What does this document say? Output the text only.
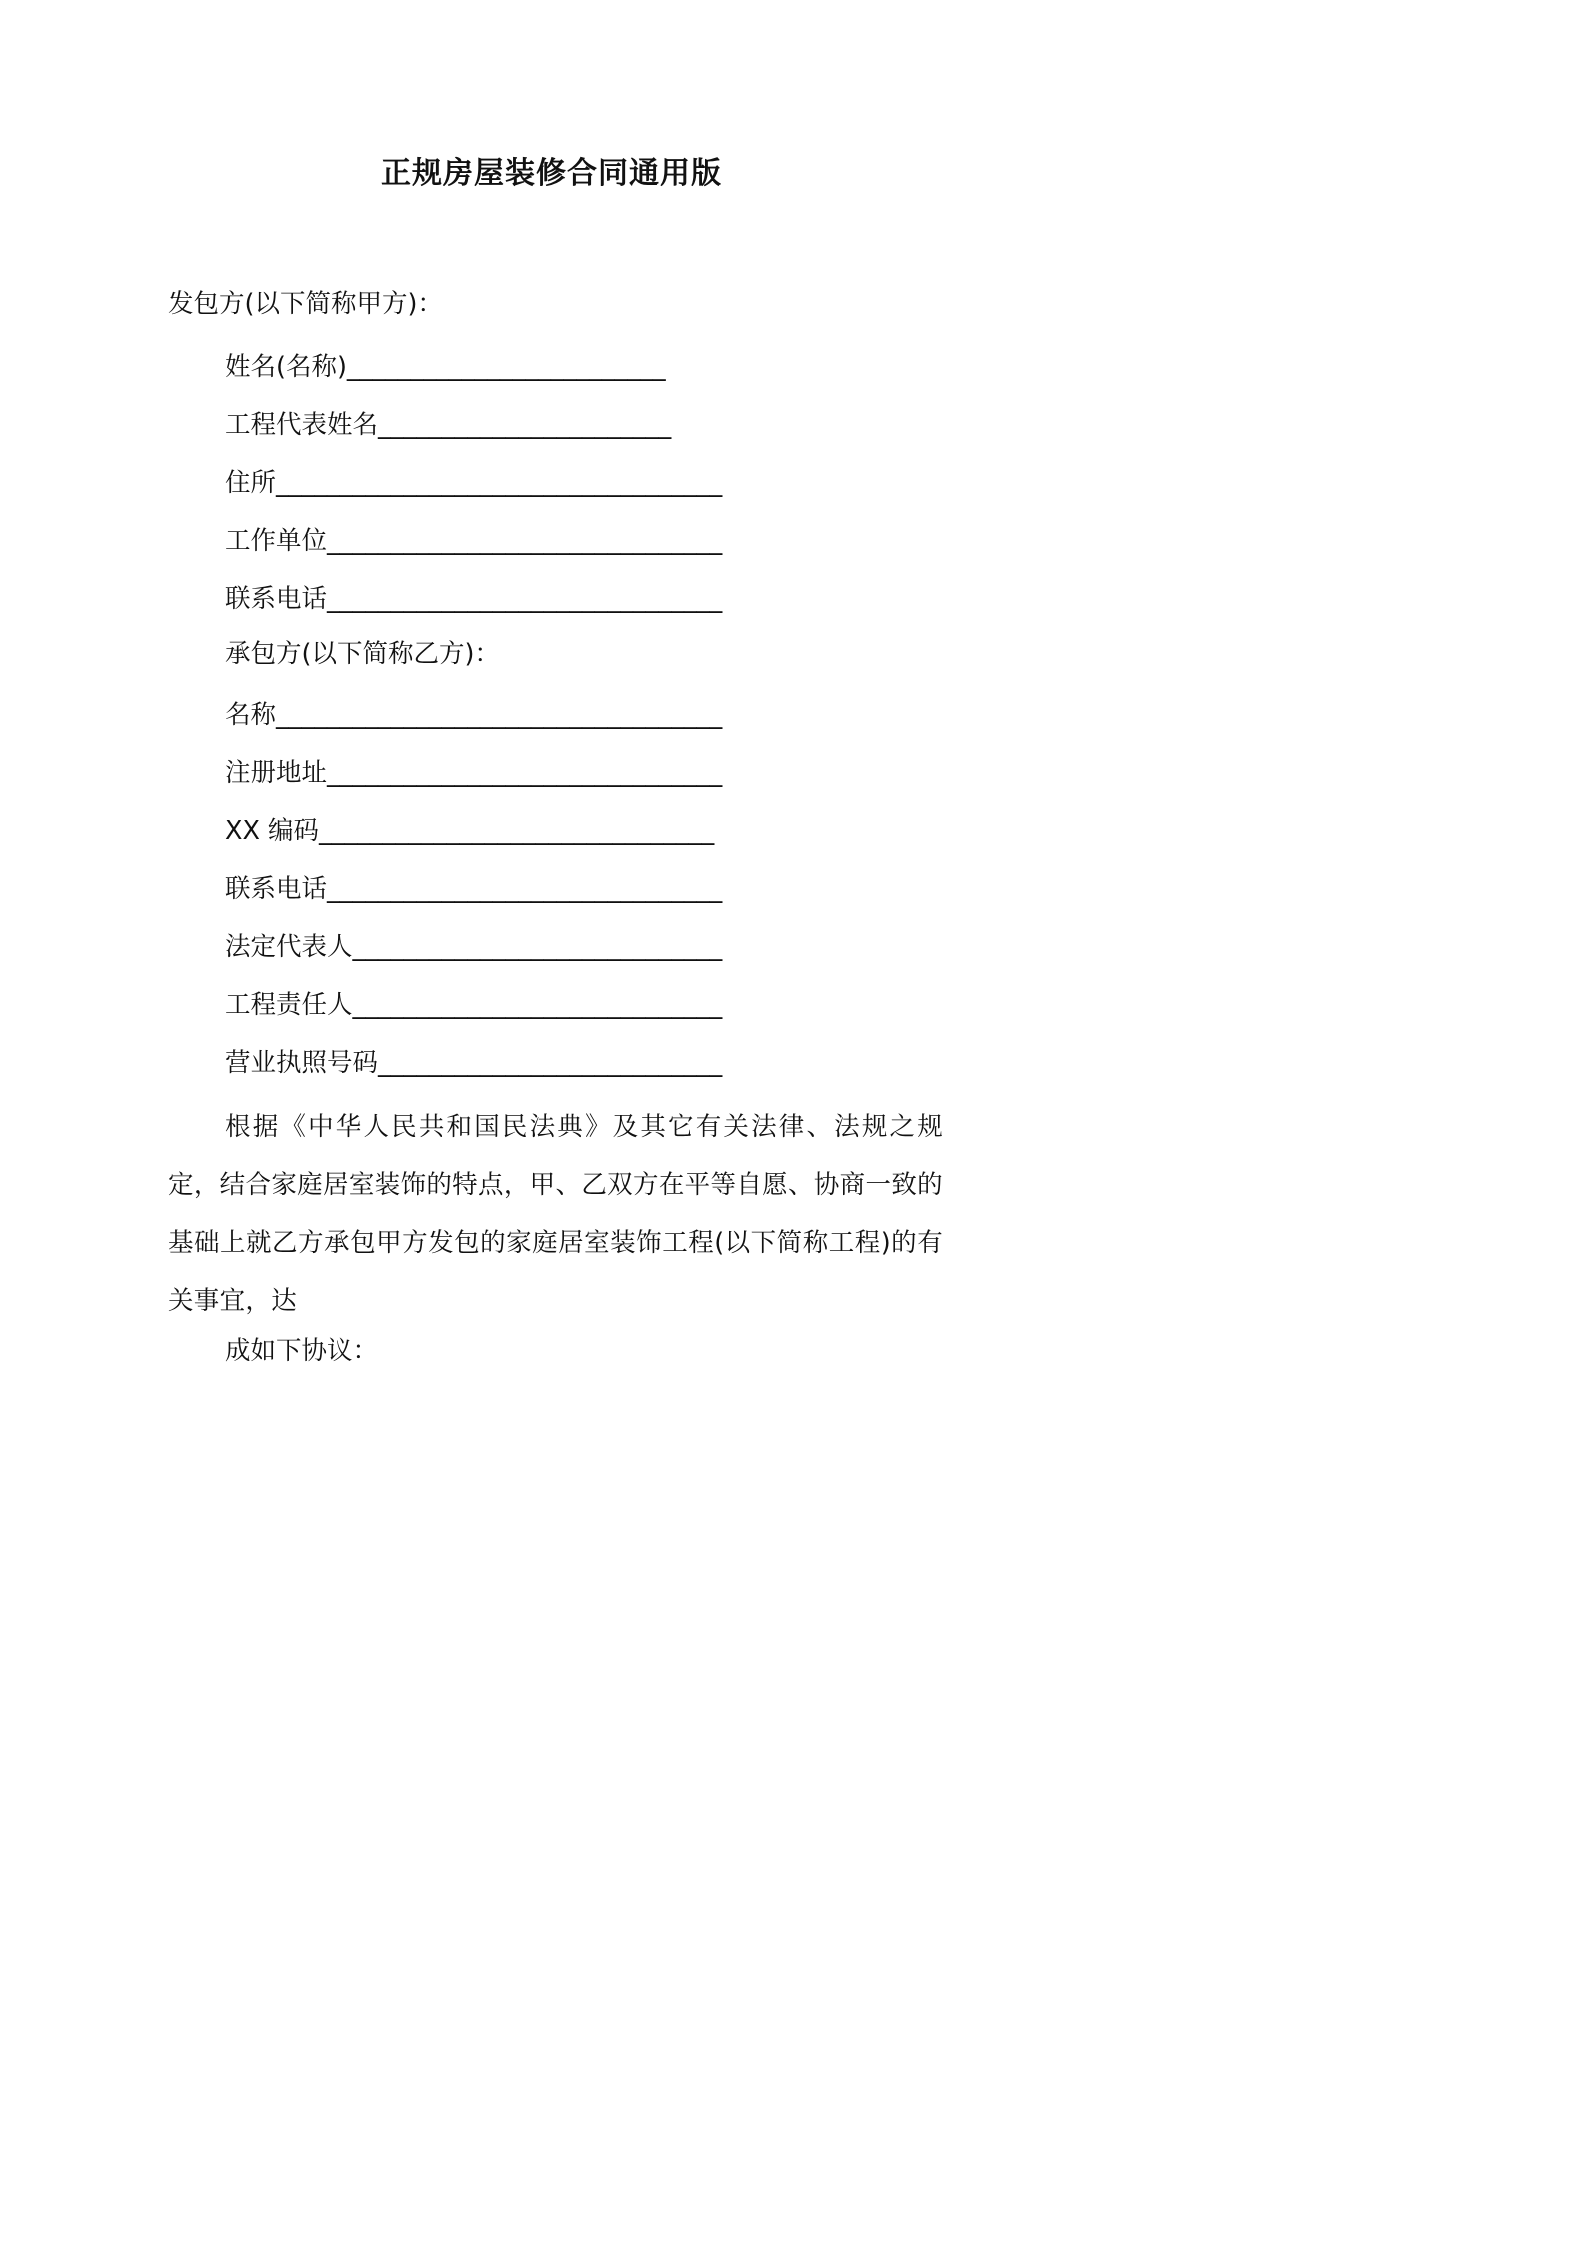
正规房屋装修合同通用版
发包方(以下简称甲方)：
姓名(名称)_________________________
工程代表姓名_______________________
住所___________________________________
工作单位_______________________________
联系电话_______________________________
承包方(以下简称乙方)：
名称___________________________________
注册地址_______________________________
XX 编码_______________________________
联系电话_______________________________
法定代表人_____________________________
工程责任人_____________________________
营业执照号码___________________________
根据《中华人民共和国民法典》及其它有关法律、法规之规定，结合家庭居室装饰的特点，甲、乙双方在平等自愿、协商一致的基础上就乙方承包甲方发包的家庭居室装饰工程(以下简称工程)的有关事宜，达
成如下协议：
